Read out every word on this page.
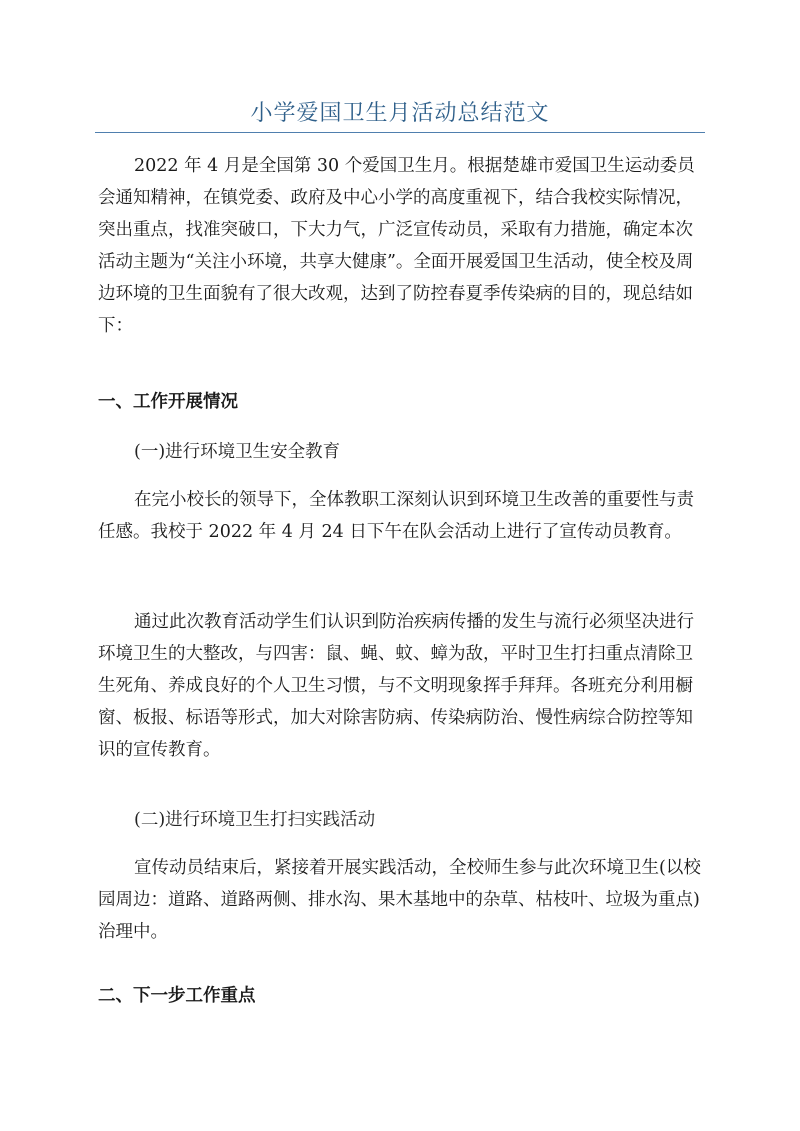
小学爱国卫生月活动总结范文

2022 年 4 月是全国第 30 个爱国卫生月。根据楚雄市爱国卫生运动委员会通知精神，在镇党委、政府及中心小学的高度重视下，结合我校实际情况，突出重点，找准突破口，下大力气，广泛宣传动员，采取有力措施，确定本次活动主题为“关注小环境，共享大健康”。全面开展爱国卫生活动，使全校及周边环境的卫生面貌有了很大改观，达到了防控春夏季传染病的目的，现总结如下：

一、工作开展情况

(一)进行环境卫生安全教育

在完小校长的领导下，全体教职工深刻认识到环境卫生改善的重要性与责任感。我校于 2022 年 4 月 24 日下午在队会活动上进行了宣传动员教育。

通过此次教育活动学生们认识到防治疾病传播的发生与流行必须坚决进行环境卫生的大整改，与四害：鼠、蝇、蚊、蟑为敌，平时卫生打扫重点清除卫生死角、养成良好的个人卫生习惯，与不文明现象挥手拜拜。各班充分利用橱窗、板报、标语等形式，加大对除害防病、传染病防治、慢性病综合防控等知识的宣传教育。

(二)进行环境卫生打扫实践活动

宣传动员结束后，紧接着开展实践活动，全校师生参与此次环境卫生(以校园周边：道路、道路两侧、排水沟、果木基地中的杂草、枯枝叶、垃圾为重点)治理中。

二、下一步工作重点
